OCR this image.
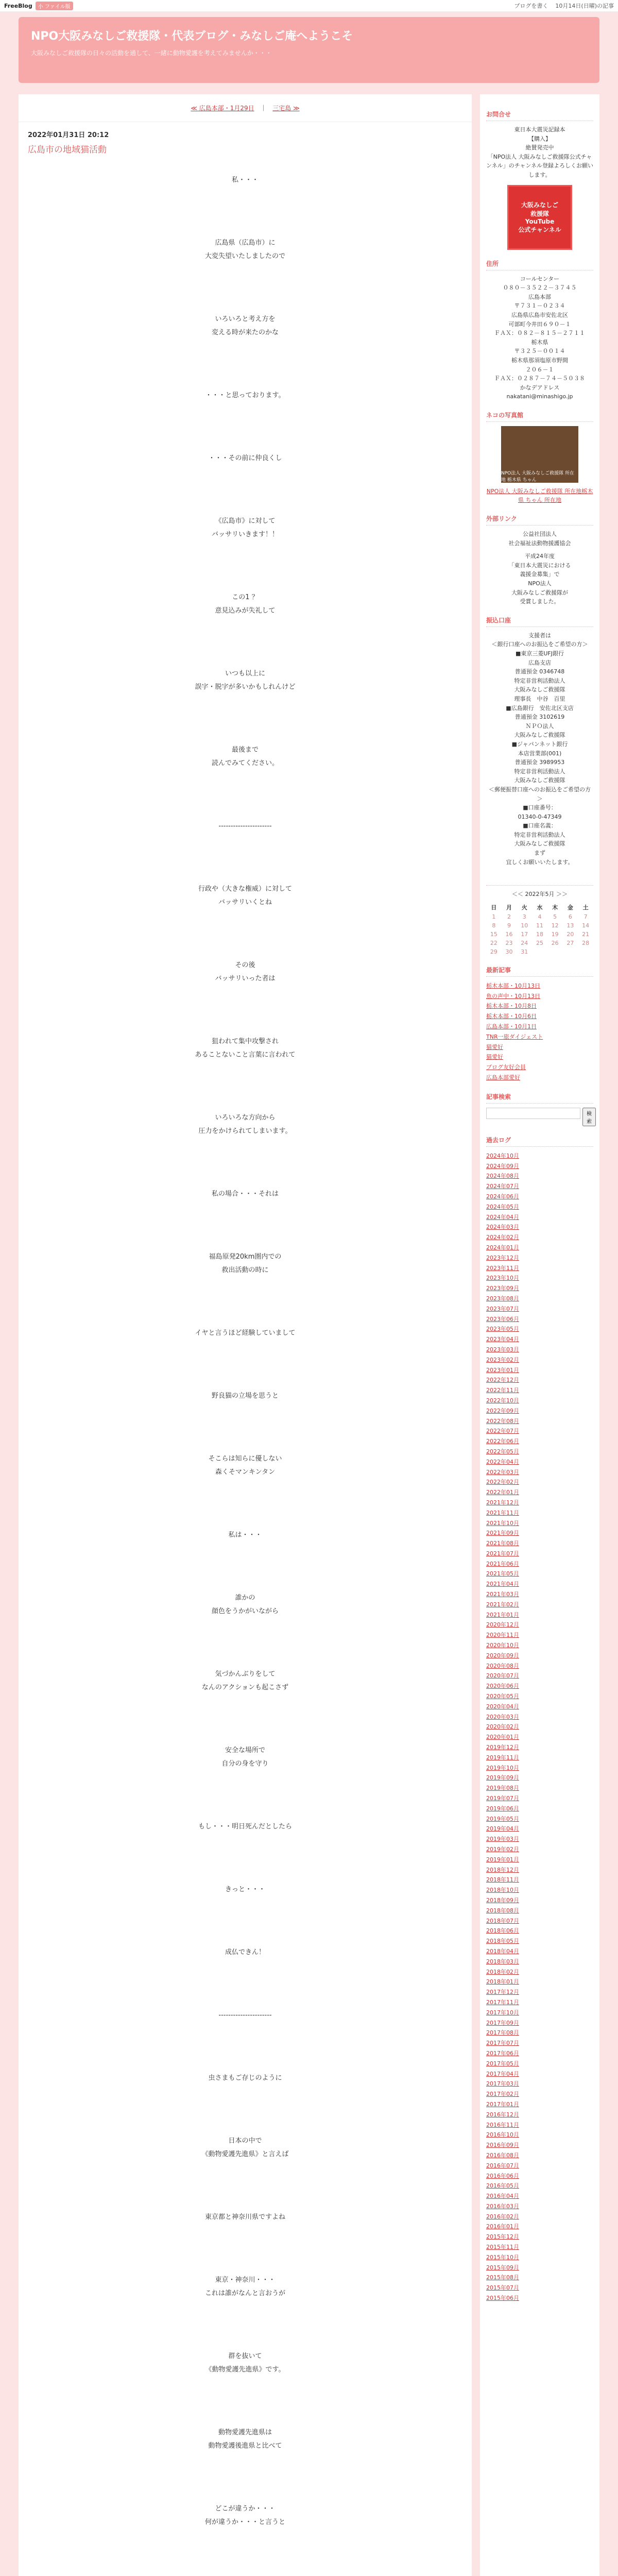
FreeBlog	小 ファイル版	ブログを書く 10月14日(日曜)の記事
NPO大阪みなしご救援隊・代表ブログ・みなしご庵へようこそ
大阪みなしご救援隊の日々の活動を通して、一緒に動物愛護を考えてみませんか・・・
≪ 広島本部・1月29日 ｜ 三宅島 ≫
2022年01月31日 20:12
広島市の地域猫活動
私・・・
広島県（広島市）に
大変失望いたしましたので
いろいろと考え方を
変える時が来たのかな
・・・と思っております。
・・・その前に仲良くし
《広島市》に対して
バッサリいきます！！
この1 ？
意見込みが失礼して
いつも以上に
誤字・脱字が多いかもしれんけど
最後まで
読んでみてください。
----------------------
行政や（大きな権威）に対して
バッサリいくとね
その後
バッサリいった者は
狙われて集中攻撃され
あることないこと言葉に言われて
いろいろな方向から
圧力をかけられてしまいます。
私の場合・・・それは
福島原発20km圏内での
救出活動の時に
イヤと言うほど経験していまして
野良猫の立場を思うと
そこらは知らに優しない
森くそマンキンタン
私は・・・
誰かの
顔色をうかがいながら
気づかんぶりをして
なんのアクションも起こさず
安全な場所で
自分の身を守り
もし・・・明日死んだとしたら
きっと・・・
成仏できん！
----------------------
虫さまもご存じのように
日本の中で
《動物愛護先進県》と言えば
東京都と神奈川県ですよね
東京・神奈川・・・
これは誰がなんと言おうが
群を抜いて
《動物愛護先進県》です。
動物愛護先進県は
動物愛護後進県と比べて
どこが違うか・・・
何が違うか・・・と言うと
お問合せ
東日本大震災記録本
【購入】
絶賛発売中
「NPO法人 大阪みなしご救援隊公式チャンネル」のチャンネル登録よろしくお願いします。
大阪みなしご
救援隊
YouTube
公式チャンネル
住所
コールセンター
０８０－３５２２－３７４５
広島本部
〒７３１－０２３４
広島県広島市安佐北区
可部町今井田６９０－１
ＦＡＸ：０８２－８１５－２７１１
栃木県
〒３２５－００１４
栃木県那須塩原市野間
２０６－１
ＦＡＸ：０２８７－７４－５０３８
かなデアドレス
nakatani@minashigo.jp
ネコの写真館
NPO法人 大阪みなしご救援隊 所在地 栃木県 ちゃん
NPO法人 大阪みなしご救援隊 所在地栃木県 ちゃん 所在地
外部リンク
公益社団法人
社会福祉法動物援護協会
平成24年度
「東日本大震災における
義援金募集」で
NPO法人
大阪みなしご救援隊が
受賞しました。
振込口座
支援者は
＜銀行口座へのお振込をご希望の方＞
■東京三菱UFJ銀行
広島支店
普通預金 0346748
特定非営利活動法人
大阪みなしご救援隊
理事長　中谷　百里
■広島銀行　安佐北区支店
普通預金 3102619
ＮＰＯ法人
大阪みなしご救援隊
■ジャパンネット銀行
本店営業部(001)
普通預金 3989953
特定非営利活動法人
大阪みなしご救援隊
＜郵便振替口座へのお振込をご希望の方＞
■口座番号：
01340-0-47349
■口座名義：
特定非営利活動法人
大阪みなしご救援隊
まず
宜しくお願いいたします。

＜＜ 2022年5月 ＞＞
日	月	火	水	木	金	土
1	2	3	4	5	6	7
8	9	10	11	12	13	14
15	16	17	18	19	20	21
22	23	24	25	26	27	28
29	30	31				
最新記事
栃木本部・10月13日
魚の声中・10月13日
栃木本部・10月8日
栃木本部・10月6日
広島本部・10月1日
TNR一旅ダイジェスト
猫愛好
猫愛好
ブログ友好会員
広島本部愛好
記事検索
検索
過去ログ
2024年10月
2024年09月
2024年08月
2024年07月
2024年06月
2024年05月
2024年04月
2024年03月
2024年02月
2024年01月
2023年12月
2023年11月
2023年10月
2023年09月
2023年08月
2023年07月
2023年06月
2023年05月
2023年04月
2023年03月
2023年02月
2023年01月
2022年12月
2022年11月
2022年10月
2022年09月
2022年08月
2022年07月
2022年06月
2022年05月
2022年04月
2022年03月
2022年02月
2022年01月
2021年12月
2021年11月
2021年10月
2021年09月
2021年08月
2021年07月
2021年06月
2021年05月
2021年04月
2021年03月
2021年02月
2021年01月
2020年12月
2020年11月
2020年10月
2020年09月
2020年08月
2020年07月
2020年06月
2020年05月
2020年04月
2020年03月
2020年02月
2020年01月
2019年12月
2019年11月
2019年10月
2019年09月
2019年08月
2019年07月
2019年06月
2019年05月
2019年04月
2019年03月
2019年02月
2019年01月
2018年12月
2018年11月
2018年10月
2018年09月
2018年08月
2018年07月
2018年06月
2018年05月
2018年04月
2018年03月
2018年02月
2018年01月
2017年12月
2017年11月
2017年10月
2017年09月
2017年08月
2017年07月
2017年06月
2017年05月
2017年04月
2017年03月
2017年02月
2017年01月
2016年12月
2016年11月
2016年10月
2016年09月
2016年08月
2016年07月
2016年06月
2016年05月
2016年04月
2016年03月
2016年02月
2016年01月
2015年12月
2015年11月
2015年10月
2015年09月
2015年08月
2015年07月
2015年06月
